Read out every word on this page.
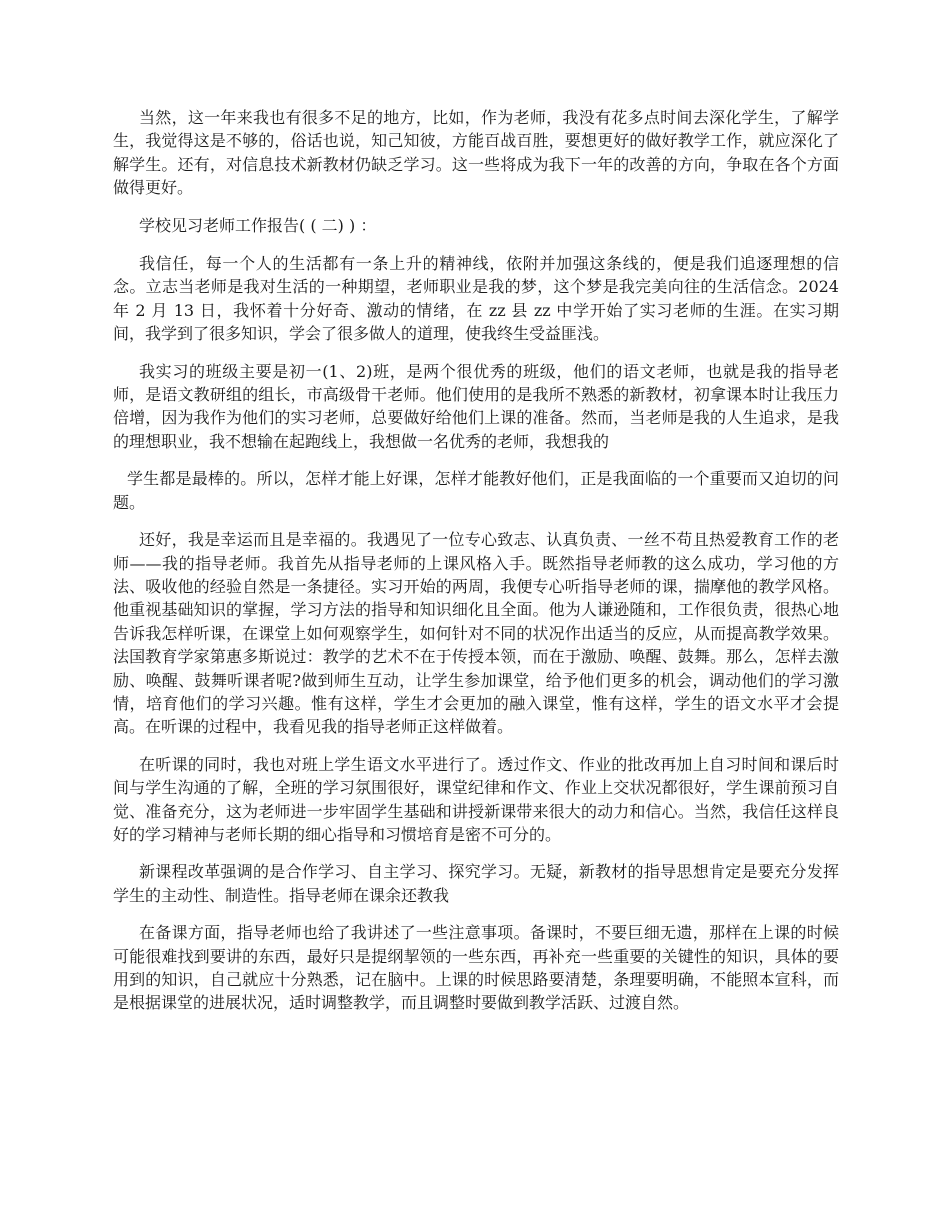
当然，这一年来我也有很多不足的地方，比如，作为老师，我没有花多点时间去深化学生，了解学生，我觉得这是不够的，俗话也说，知己知彼，方能百战百胜，要想更好的做好教学工作，就应深化了解学生。还有，对信息技术新教材仍缺乏学习。这一些将成为我下一年的改善的方向，争取在各个方面做得更好。

学校见习老师工作报告( ( 二) ) ：

我信任，每一个人的生活都有一条上升的精神线，依附并加强这条线的，便是我们追逐理想的信念。立志当老师是我对生活的一种期望，老师职业是我的梦，这个梦是我完美向往的生活信念。2024 年 2 月 13 日，我怀着十分好奇、激动的情绪，在 zz 县 zz 中学开始了实习老师的生涯。在实习期间，我学到了很多知识，学会了很多做人的道理，使我终生受益匪浅。

我实习的班级主要是初一(1、2)班，是两个很优秀的班级，他们的语文老师，也就是我的指导老师，是语文教研组的组长，市高级骨干老师。他们使用的是我所不熟悉的新教材，初拿课本时让我压力倍增，因为我作为他们的实习老师，总要做好给他们上课的准备。然而，当老师是我的人生追求，是我的理想职业，我不想输在起跑线上，我想做一名优秀的老师，我想我的

学生都是最棒的。所以，怎样才能上好课，怎样才能教好他们，正是我面临的一个重要而又迫切的问题。

还好，我是幸运而且是幸福的。我遇见了一位专心致志、认真负责、一丝不苟且热爱教育工作的老师——我的指导老师。我首先从指导老师的上课风格入手。既然指导老师教的这么成功，学习他的方法、吸收他的经验自然是一条捷径。实习开始的两周，我便专心听指导老师的课，揣摩他的教学风格。他重视基础知识的掌握，学习方法的指导和知识细化且全面。他为人谦逊随和，工作很负责，很热心地告诉我怎样听课，在课堂上如何观察学生，如何针对不同的状况作出适当的反应，从而提高教学效果。法国教育学家第惠多斯说过：教学的艺术不在于传授本领，而在于激励、唤醒、鼓舞。那么，怎样去激励、唤醒、鼓舞听课者呢?做到师生互动，让学生参加课堂，给予他们更多的机会，调动他们的学习激情，培育他们的学习兴趣。惟有这样，学生才会更加的融入课堂，惟有这样，学生的语文水平才会提高。在听课的过程中，我看见我的指导老师正这样做着。

在听课的同时，我也对班上学生语文水平进行了。透过作文、作业的批改再加上自习时间和课后时间与学生沟通的了解，全班的学习氛围很好，课堂纪律和作文、作业上交状况都很好，学生课前预习自觉、准备充分，这为老师进一步牢固学生基础和讲授新课带来很大的动力和信心。当然，我信任这样良好的学习精神与老师长期的细心指导和习惯培育是密不可分的。

新课程改革强调的是合作学习、自主学习、探究学习。无疑，新教材的指导思想肯定是要充分发挥学生的主动性、制造性。指导老师在课余还教我

在备课方面，指导老师也给了我讲述了一些注意事项。备课时，不要巨细无遗，那样在上课的时候可能很难找到要讲的东西，最好只是提纲挈领的一些东西，再补充一些重要的关键性的知识，具体的要用到的知识，自己就应十分熟悉，记在脑中。上课的时候思路要清楚，条理要明确，不能照本宣科，而是根据课堂的进展状况，适时调整教学，而且调整时要做到教学活跃、过渡自然。
